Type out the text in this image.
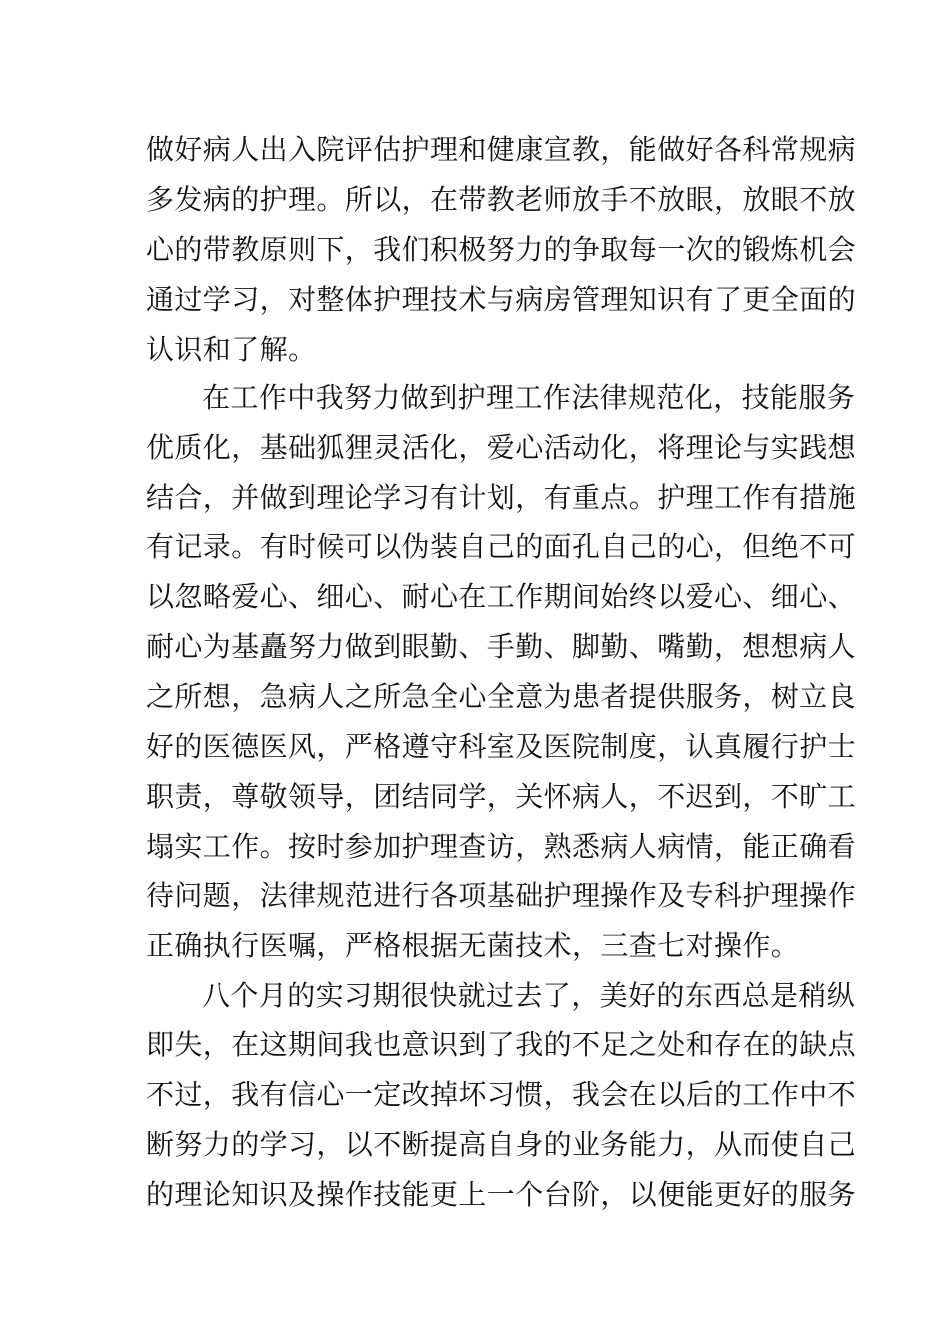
做好病人出入院评估护理和健康宣教，能做好各科常规病
多发病的护理。所以，在带教老师放手不放眼，放眼不放
心的带教原则下，我们积极努力的争取每一次的锻炼机会
通过学习，对整体护理技术与病房管理知识有了更全面的
认识和了解。
在工作中我努力做到护理工作法律规范化，技能服务
优质化，基础狐狸灵活化，爱心活动化，将理论与实践想
结合，并做到理论学习有计划，有重点。护理工作有措施
有记录。有时候可以伪装自己的面孔自己的心，但绝不可
以忽略爱心、细心、耐心在工作期间始终以爱心、细心、
耐心为基矗努力做到眼勤、手勤、脚勤、嘴勤，想想病人
之所想，急病人之所急全心全意为患者提供服务，树立良
好的医德医风，严格遵守科室及医院制度，认真履行护士
职责，尊敬领导，团结同学，关怀病人，不迟到，不旷工
塌实工作。按时参加护理查访，熟悉病人病情，能正确看
待问题，法律规范进行各项基础护理操作及专科护理操作
正确执行医嘱，严格根据无菌技术，三查七对操作。
八个月的实习期很快就过去了，美好的东西总是稍纵
即失，在这期间我也意识到了我的不足之处和存在的缺点
不过，我有信心一定改掉坏习惯，我会在以后的工作中不
断努力的学习，以不断提高自身的业务能力，从而使自己
的理论知识及操作技能更上一个台阶，以便能更好的服务
